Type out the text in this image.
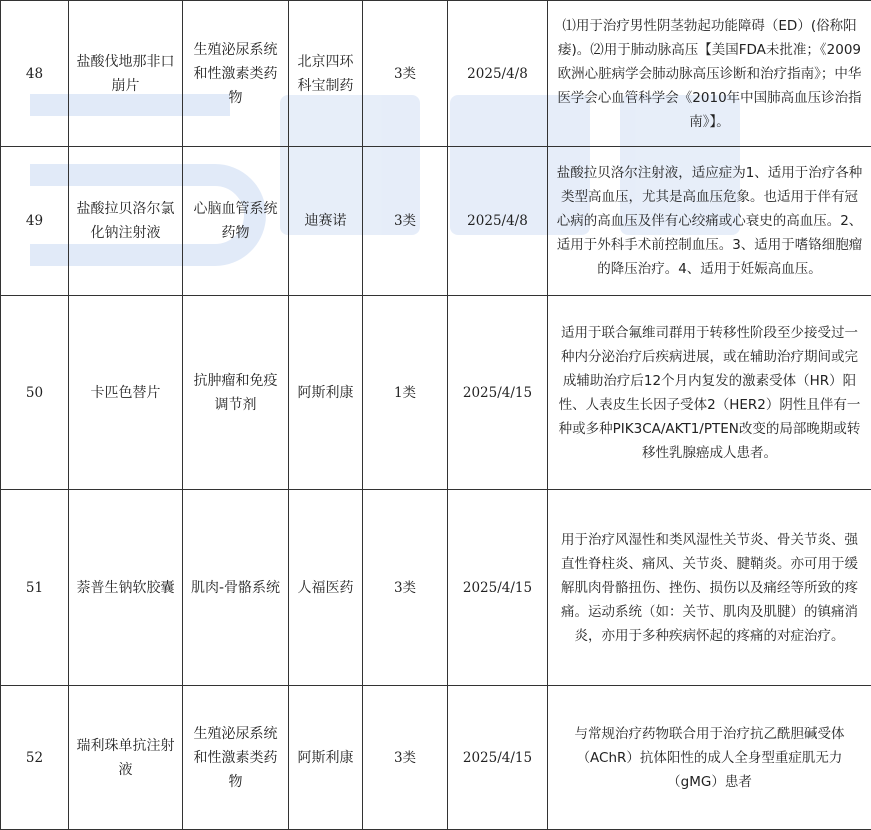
48	盐酸伐地那非口崩片	生殖泌尿系统和性激素类药物	北京四环科宝制药	3类	2025/4/8	⑴用于治疗男性阴茎勃起功能障碍（ED）(俗称阳痿)。⑵用于肺动脉高压【美国FDA未批准；《2009欧洲心脏病学会肺动脉高压诊断和治疗指南》；中华医学会心血管科学会《2010年中国肺高血压诊治指南》】。
49	盐酸拉贝洛尔氯化钠注射液	心脑血管系统药物	迪赛诺	3类	2025/4/8	盐酸拉贝洛尔注射液，适应症为1、适用于治疗各种类型高血压，尤其是高血压危象。也适用于伴有冠心病的高血压及伴有心绞痛或心衰史的高血压。2、适用于外科手术前控制血压。3、适用于嗜铬细胞瘤的降压治疗。4、适用于妊娠高血压。
50	卡匹色替片	抗肿瘤和免疫调节剂	阿斯利康	1类	2025/4/15	适用于联合氟维司群用于转移性阶段至少接受过一种内分泌治疗后疾病进展，或在辅助治疗期间或完成辅助治疗后12个月内复发的激素受体（HR）阳性、人表皮生长因子受体2（HER2）阴性且伴有一种或多种PIK3CA/AKT1/PTEN改变的局部晚期或转移性乳腺癌成人患者。
51	萘普生钠软胶囊	肌肉-骨骼系统	人福医药	3类	2025/4/15	用于治疗风湿性和类风湿性关节炎、骨关节炎、强直性脊柱炎、痛风、关节炎、腱鞘炎。亦可用于缓解肌肉骨骼扭伤、挫伤、损伤以及痛经等所致的疼痛。运动系统（如：关节、肌肉及肌腱）的镇痛消炎，亦用于多种疾病怀起的疼痛的对症治疗。
52	瑞利珠单抗注射液	生殖泌尿系统和性激素类药物	阿斯利康	3类	2025/4/15	与常规治疗药物联合用于治疗抗乙酰胆碱受体（AChR）抗体阳性的成人全身型重症肌无力（gMG）患者
